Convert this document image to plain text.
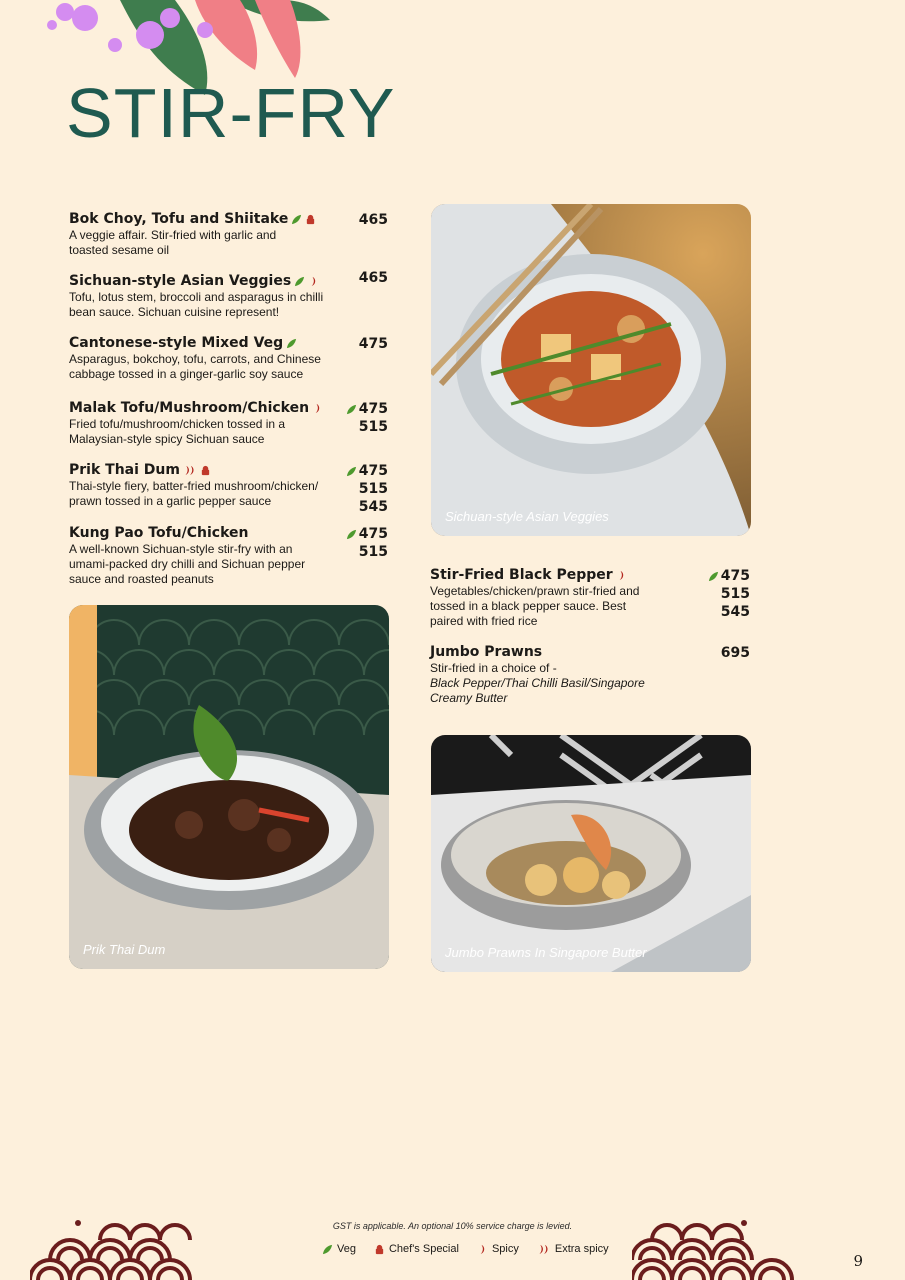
STIR-FRY
Bok Choy, Tofu and Shiitake
A veggie affair. Stir-fried with garlic and toasted sesame oil
465
Sichuan-style Asian Veggies
Tofu, lotus stem, broccoli and asparagus in chilli bean sauce. Sichuan cuisine represent!
465
Cantonese-style Mixed Veg
Asparagus, bokchoy, tofu, carrots, and Chinese cabbage tossed in a ginger-garlic soy sauce
475
Malak Tofu/Mushroom/Chicken
Fried tofu/mushroom/chicken tossed in a Malaysian-style spicy Sichuan sauce
475
515
Prik Thai Dum
Thai-style fiery, batter-fried mushroom/chicken/ prawn tossed in a garlic pepper sauce
475
515
545
Kung Pao Tofu/Chicken
A well-known Sichuan-style stir-fry with an umami-packed dry chilli and Sichuan pepper sauce and roasted peanuts
475
515
Stir-Fried Black Pepper
Vegetables/chicken/prawn stir-fried and tossed in a black pepper sauce. Best paired with fried rice
475
515
545
Jumbo Prawns
Stir-fried in a choice of -
Black Pepper/Thai Chilli Basil/Singapore Creamy Butter
695
Sichuan-style Asian Veggies
Prik Thai Dum	Jumbo Prawns In Singapore Butter
GST is applicable. An optional 10% service charge is levied.
Veg	Chef's Special	Spicy	Extra spicy
9
